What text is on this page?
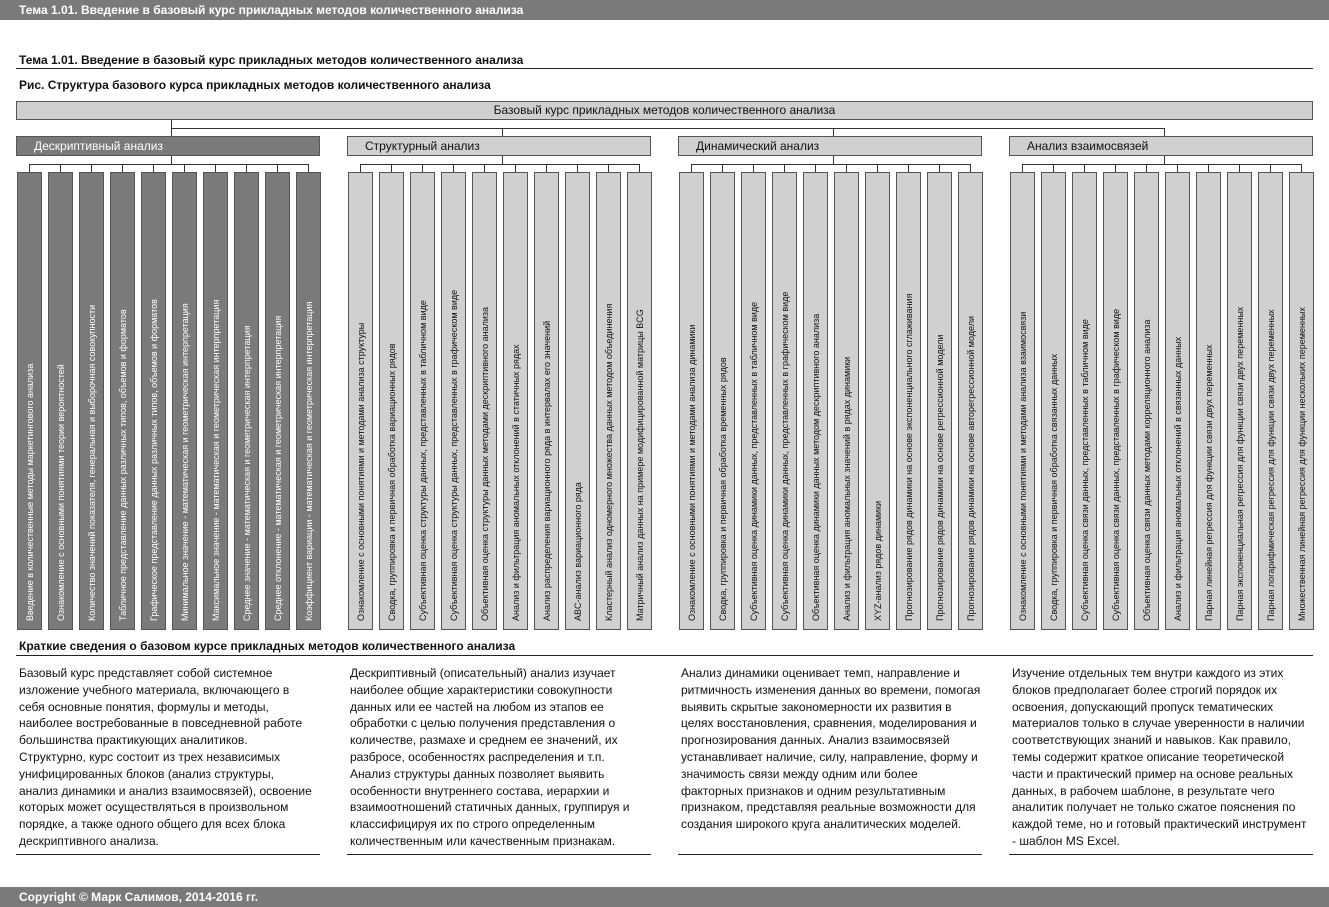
Тема 1.01. Введение в базовый курс прикладных методов количественного анализа
Тема 1.01. Введение в базовый курс прикладных методов количественного анализа
Рис. Структура базового курса прикладных методов количественного анализа
Базовый курс прикладных методов количественного анализа
Дескриптивный анализ
Введение в количественные методы маркетингового анализа Ознакомление с основными понятиями теории вероятностей Количество значений показателя, генеральная и выборочная совокупности Табличное представление данных различных типов, объемов и форматов Графическое представление данных различных типов, объемов и форматов Минимальное значение - математическая и геометрическая интерпретация Максимальное значение - математическая и геометрическая интерпретация Среднее значение - математическая и геометрическая интерпретация Среднее отклонение - математическая и геометрическая интерпретация Коэффициент вариации - математическая и геометрическая интерпретация
Структурный анализ
Ознакомление с основными понятиями и методами анализа структуры Сводка, группировка и первичная обработка вариационных рядов Субъективная оценка структуры данных, представленных в табличном виде Субъективная оценка структуры данных, представленных в графическом виде Объективная оценка структуры данных методами дескриптивного анализа Анализ и фильтрация аномальных отклонений в статичных рядах Анализ распределения вариационного ряда в интервалах его значений ABC-анализ вариационного ряда Кластерный анализ одномерного множества данных методом объединения Матричный анализ данных на примере модифицированной матрицы BCG
Динамический анализ
Ознакомление с основными понятиями и методами анализа динамики Сводка, группировка и первичная обработка временных рядов Субъективная оценка динамики данных, представленных в табличном виде Субъективная оценка динамики данных, представленных в графическом виде Объективная оценка динамики данных методом дескриптивного анализа Анализ и фильтрация аномальных значений в рядах динамики XYZ-анализ рядов динамики Прогнозирование рядов динамики на основе экспоненциального сглаживания Прогнозирование рядов динамики на основе регрессионной модели Прогнозирование рядов динамики на основе авторегрессионной модели
Анализ взаимосвязей
Ознакомление с основными понятиями и методами анализа взаимосвязи Сводка, группировка и первичная обработка связанных данных Субъективная оценка связи данных, представленных в табличном виде Субъективная оценка связи данных, представленных в графическом виде Объективная оценка связи данных методами корреляционного анализа Анализ и фильтрация аномальных отклонений в связанных данных Парная линейная регрессия для функции связи двух переменных Парная экспоненциальная регрессия для функции связи двух переменных Парная логарифмическая регрессия для функции связи двух переменных Множественная линейная регрессия для функции нескольких переменных
Краткие сведения о базовом курсе прикладных методов количественного анализа
Базовый курс представляет собой системное изложение учебного материала, включающего в себя основные понятия, формулы и методы, наиболее востребованные в повседневной работе большинства практикующих аналитиков. Структурно, курс состоит из трех независимых унифицированных блоков (анализ структуры, анализ динамики и анализ взаимосвязей), освоение которых может осуществляться в произвольном порядке, а также одного общего для всех блока дескриптивного анализа.
Дескриптивный (описательный) анализ изучает наиболее общие характеристики совокупности данных или ее частей на любом из этапов ее обработки с целью получения представления о количестве, размахе и среднем ее значений, их разбросе, особенностях распределения и т.п. Анализ структуры данных позволяет выявить особенности внутреннего состава, иерархии и взаимоотношений статичных данных, группируя и классифицируя их по строго определенным количественным или качественным признакам.
Анализ динамики оценивает темп, направление и ритмичность изменения данных во времени, помогая выявить скрытые закономерности их развития в целях восстановления, сравнения, моделирования и прогнозирования данных. Анализ взаимосвязей устанавливает наличие, силу, направление, форму и значимость связи между одним или более факторных признаков и одним результативным признаком, представляя реальные возможности для создания широкого круга аналитических моделей.
Изучение отдельных тем внутри каждого из этих блоков предполагает более строгий порядок их освоения, допускающий пропуск тематических материалов только в случае уверенности в наличии соответствующих знаний и навыков. Как правило, темы содержит краткое описание теоретической части и практический пример на основе реальных данных, в рабочем шаблоне, в результате чего аналитик получает не только сжатое пояснения по каждой теме, но и готовый практический инструмент - шаблон MS Excel.
Copyright © Марк Салимов, 2014-2016 гг.
